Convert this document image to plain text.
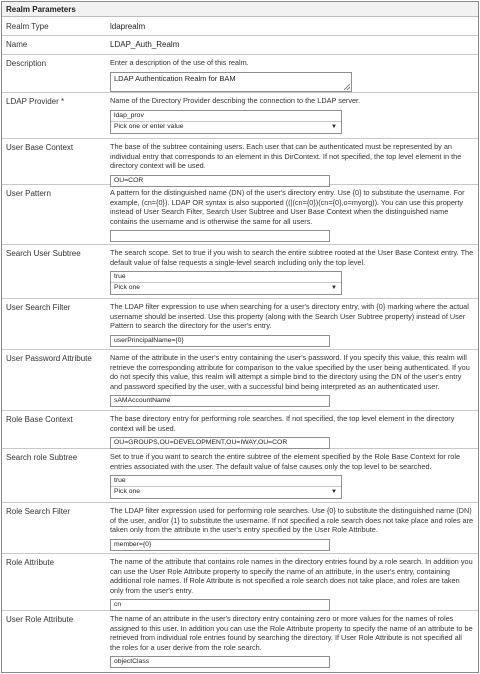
Realm Parameters
Realm Type	ldaprealm
Name	LDAP_Auth_Realm
Description	Enter a description of the use of this realm.
LDAP Authentication Realm for BAM
LDAP Provider *	Name of the Directory Provider describing the connection to the LDAP server.
ldap_prov
Pick one or enter value	▼
User Base Context	The base of the subtree containing users. Each user that can be authenticated must be represented by an individual entry that corresponds to an element in this DirContext. If not specified, the top level element in the directory context will be used.
OU=COR
User Pattern	A pattern for the distinguished name (DN) of the user's directory entry. Use {0} to substitute the username. For example, (cn={0}). LDAP OR syntax is also supported ((|(cn={0})(cn={0},o=myorg)). You can use this property instead of User Search Filter, Search User Subtree and User Base Context when the distinguished name contains the username and is otherwise the same for all users.
Search User Subtree	The search scope. Set to true if you wish to search the entire subtree rooted at the User Base Context entry. The default value of false requests a single-level search including only the top level.
true
Pick one	▼
User Search Filter	The LDAP filter expression to use when searching for a user's directory entry, with {0} marking where the actual username should be inserted. Use this property (along with the Search User Subtree property) instead of User Pattern to search the directory for the user's entry.
userPrincipalName={0}
User Password Attribute	Name of the attribute in the user's entry containing the user's password. If you specify this value, this realm will retrieve the corresponding attribute for comparison to the value specified by the user being authenticated. If you do not specify this value, this realm will attempt a simple bind to the directory using the DN of the user's entry and password specified by the user, with a successful bind being interpreted as an authenticated user.
sAMAccountName
Role Base Context	The base directory entry for performing role searches. If not specified, the top level element in the directory context will be used.
OU=GROUPS,OU=DEVELOPMENT,OU=IWAY,OU=COR
Search role Subtree	Set to true if you want to search the entire subtree of the element specified by the Role Base Context for role entries associated with the user. The default value of false causes only the top level to be searched.
true
Pick one	▼
Role Search Filter	The LDAP filter expression used for performing role searches. Use {0} to substitute the distinguished name (DN) of the user, and/or {1} to substitute the username. If not specified a role search does not take place and roles are taken only from the attribute in the user's entry specified by the User Role Attribute.
member={0}
Role Attribute	The name of the attribute that contains role names in the directory entries found by a role search. In addition you can use the User Role Attribute property to specify the name of an attribute, in the user's entry, containing additional role names. If Role Attribute is not specified a role search does not take place, and roles are taken only from the user's entry.
cn
User Role Attribute	The name of an attribute in the user's directory entry containing zero or more values for the names of roles assigned to this user. In addition you can use the Role Attribute property to specify the name of an attribute to be retrieved from individual role entries found by searching the directory. If User Role Attribute is not specified all the roles for a user derive from the role search.
objectClass
